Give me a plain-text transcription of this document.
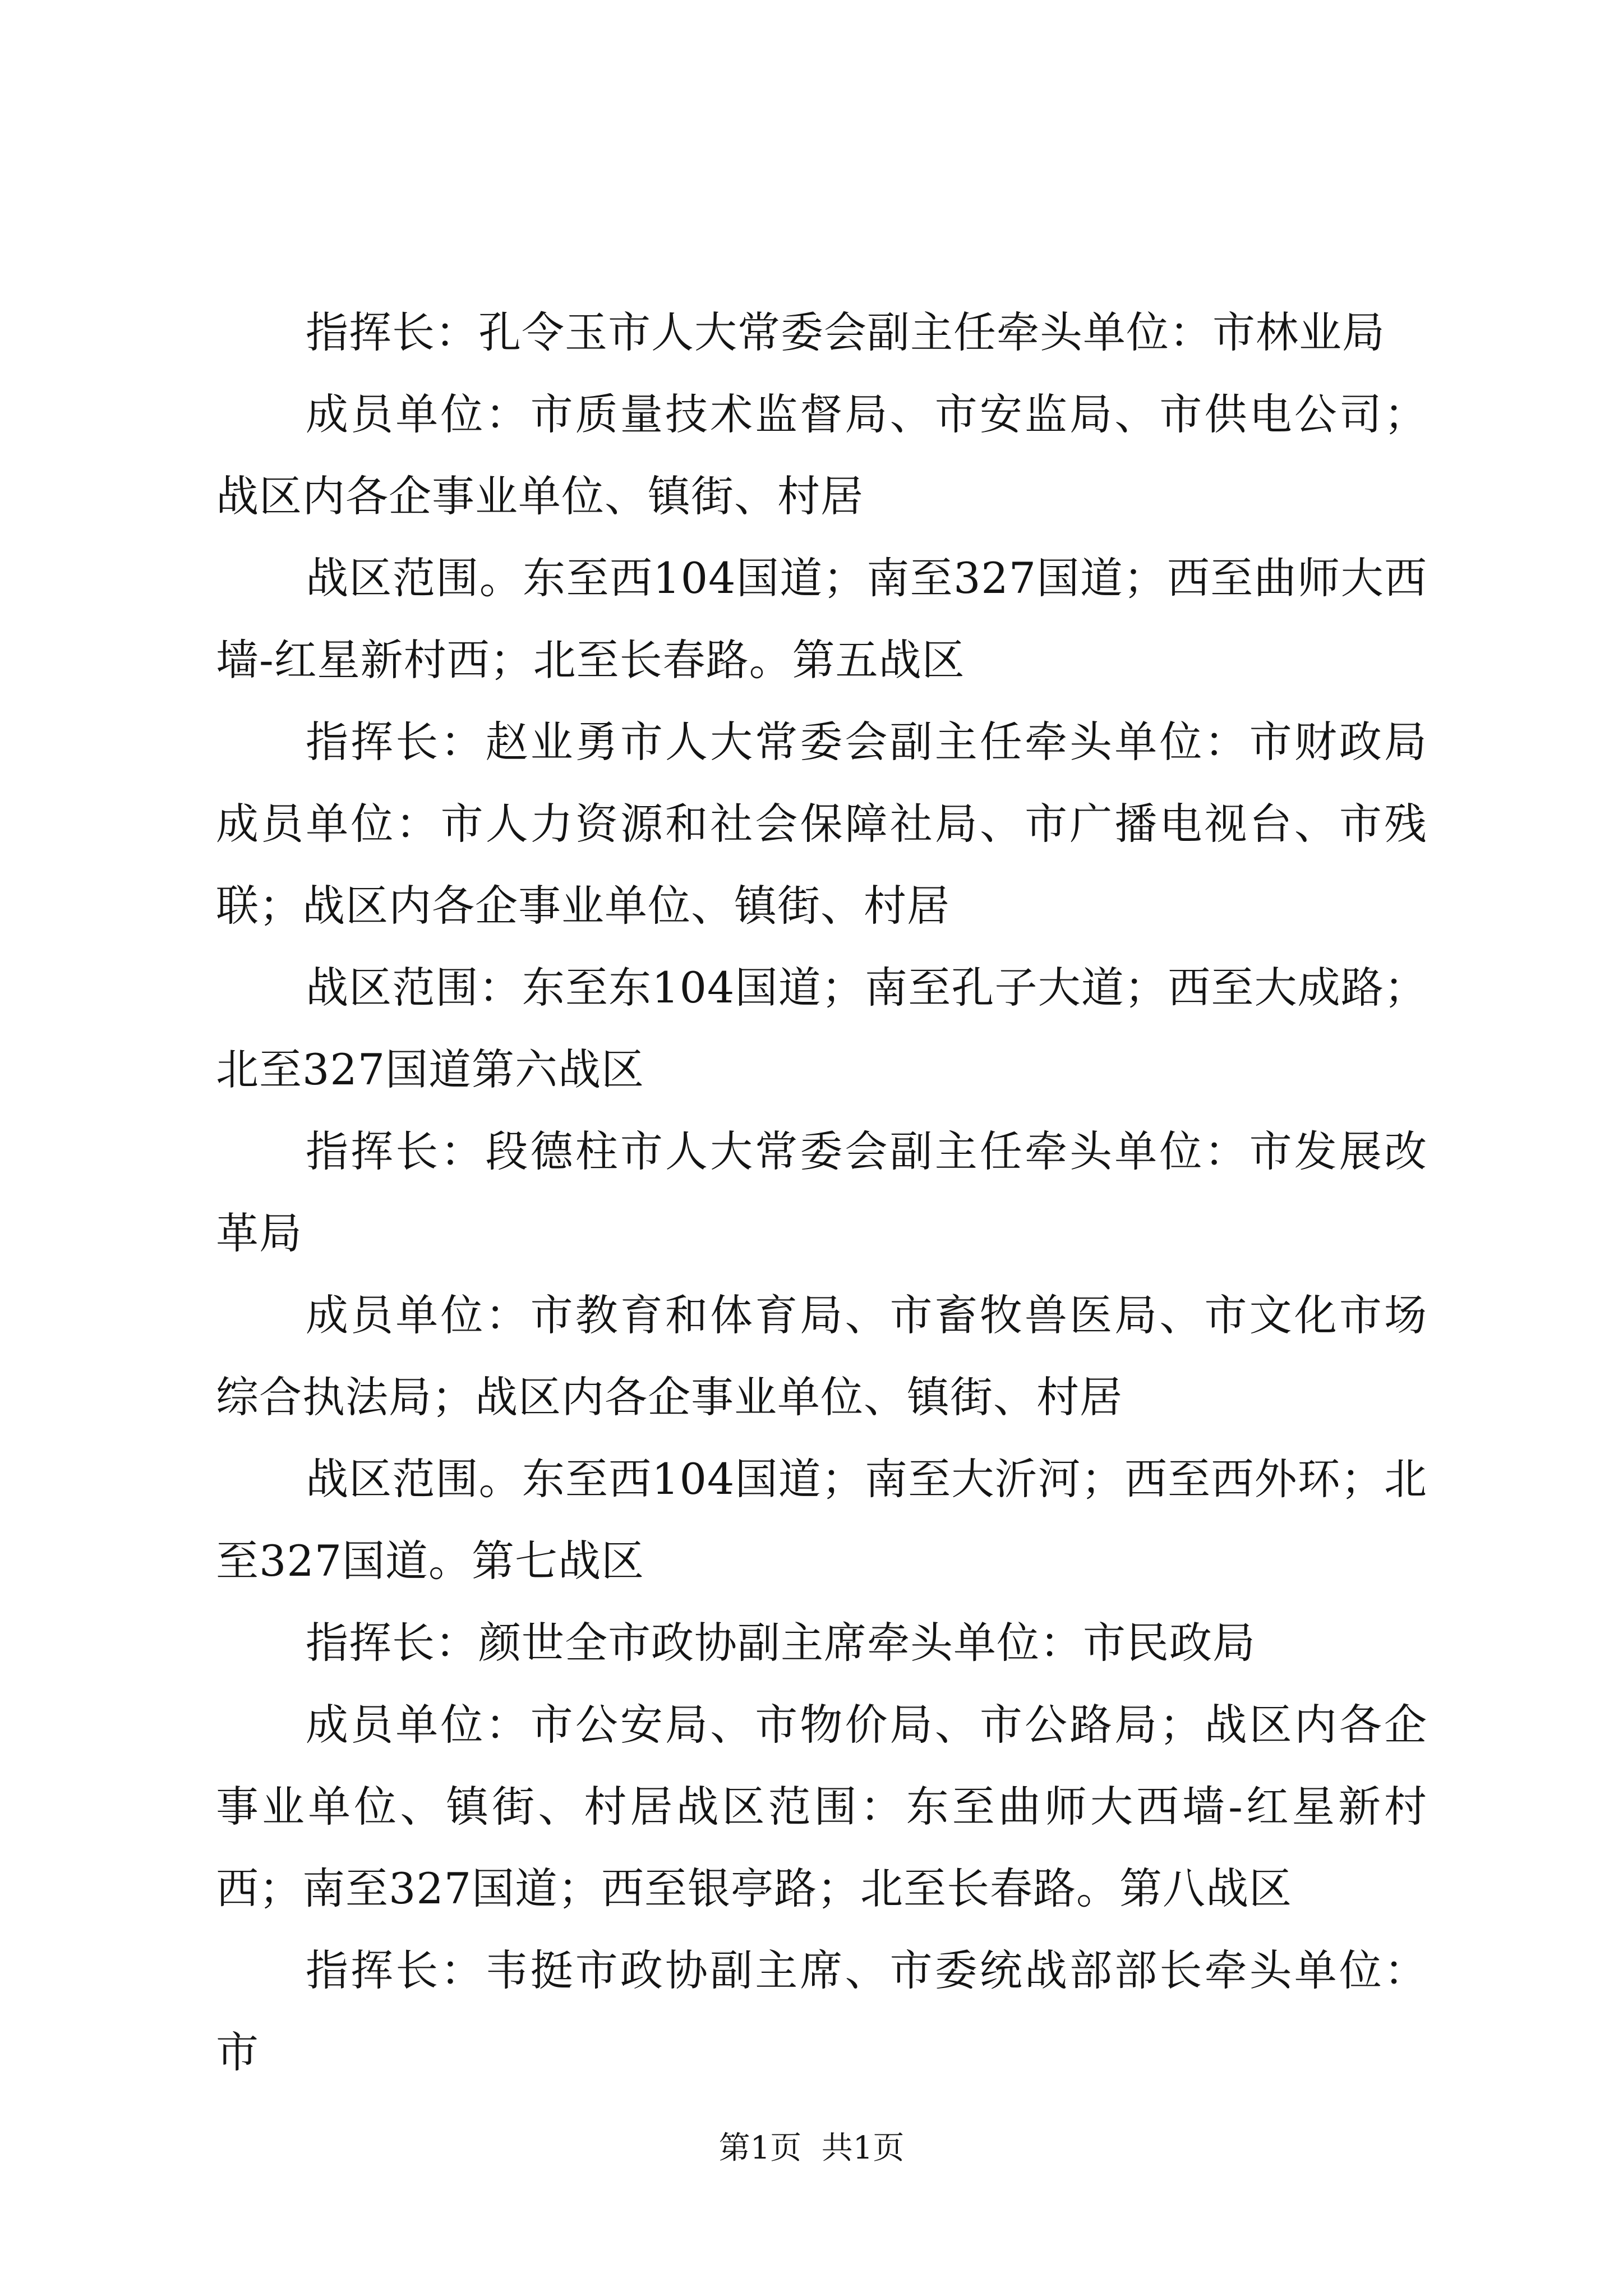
指挥长：孔令玉市人大常委会副主任牵头单位：市林业局

成员单位：市质量技术监督局、市安监局、市供电公司；战区内各企事业单位、镇街、村居

战区范围。东至西104国道；南至327国道；西至曲师大西墙-红星新村西；北至长春路。第五战区

指挥长：赵业勇市人大常委会副主任牵头单位：市财政局成员单位：市人力资源和社会保障社局、市广播电视台、市残联；战区内各企事业单位、镇街、村居

战区范围：东至东104国道；南至孔子大道；西至大成路；北至327国道第六战区

指挥长：段德柱市人大常委会副主任牵头单位：市发展改革局

成员单位：市教育和体育局、市畜牧兽医局、市文化市场综合执法局；战区内各企事业单位、镇街、村居

战区范围。东至西104国道；南至大沂河；西至西外环；北至327国道。第七战区

指挥长：颜世全市政协副主席牵头单位：市民政局

成员单位：市公安局、市物价局、市公路局；战区内各企事业单位、镇街、村居战区范围：东至曲师大西墙-红星新村西；南至327国道；西至银亭路；北至长春路。第八战区

指挥长：韦挺市政协副主席、市委统战部部长牵头单位：市

第1页  共1页
